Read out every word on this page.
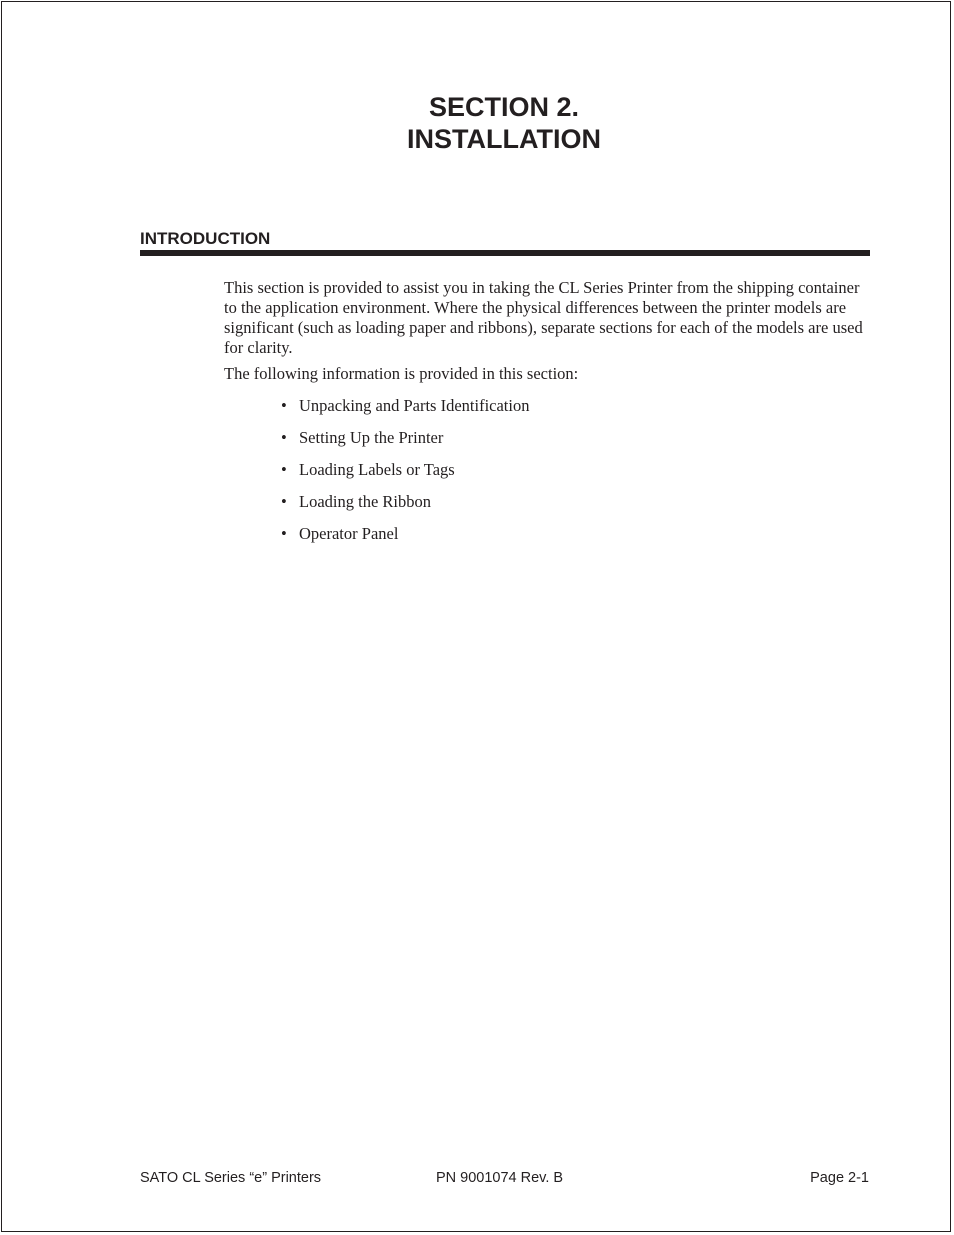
SECTION 2.
INSTALLATION
INTRODUCTION

This section is provided to assist you in taking the CL Series Printer from the shipping container to the application environment. Where the physical differences between the printer models are significant (such as loading paper and ribbons), separate sections for each of the models are used for clarity.

The following information is provided in this section:

• Unpacking and Parts Identification
• Setting Up the Printer
• Loading Labels or Tags
• Loading the Ribbon
• Operator Panel
SATO CL Series “e” Printers	PN 9001074 Rev. B	Page 2-1
